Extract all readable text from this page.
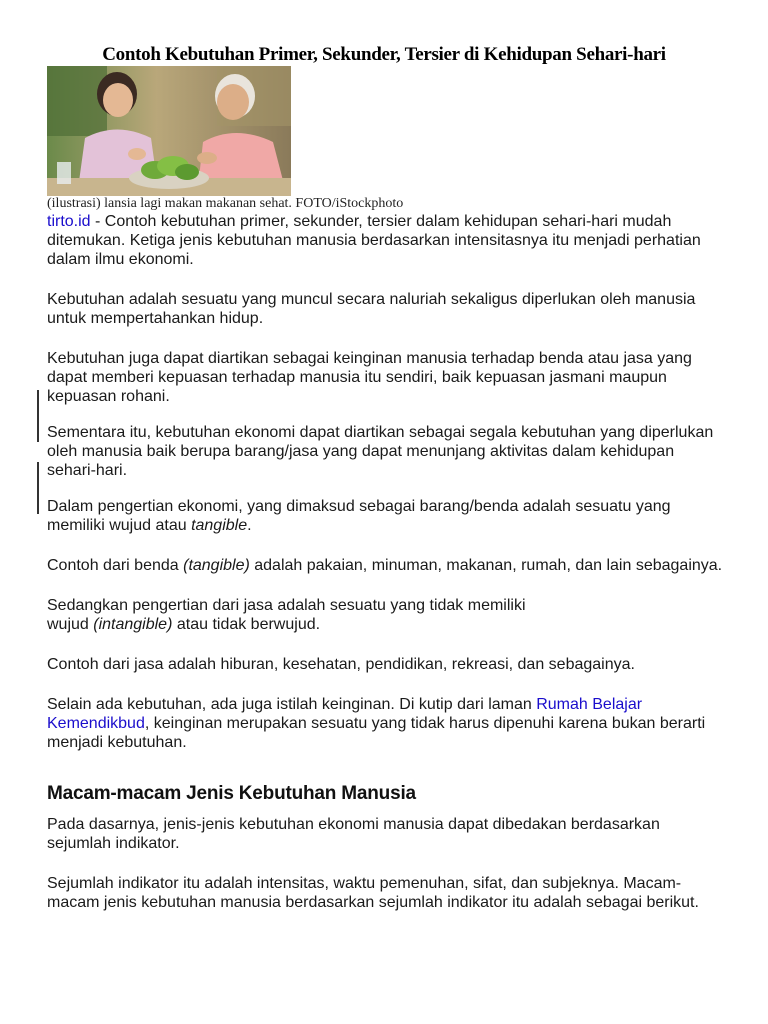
Contoh Kebutuhan Primer, Sekunder, Tersier di Kehidupan Sehari-hari

(ilustrasi) lansia lagi makan makanan sehat. FOTO/iStockphoto

tirto.id - Contoh kebutuhan primer, sekunder, tersier dalam kehidupan sehari-hari mudah ditemukan. Ketiga jenis kebutuhan manusia berdasarkan intensitasnya itu menjadi perhatian dalam ilmu ekonomi.

Kebutuhan adalah sesuatu yang muncul secara naluriah sekaligus diperlukan oleh manusia untuk mempertahankan hidup.

Kebutuhan juga dapat diartikan sebagai keinginan manusia terhadap benda atau jasa yang dapat memberi kepuasan terhadap manusia itu sendiri, baik kepuasan jasmani maupun kepuasan rohani.

Sementara itu, kebutuhan ekonomi dapat diartikan sebagai segala kebutuhan yang diperlukan oleh manusia baik berupa barang/jasa yang dapat menunjang aktivitas dalam kehidupan sehari-hari.

Dalam pengertian ekonomi, yang dimaksud sebagai barang/benda adalah sesuatu yang memiliki wujud atau tangible.

Contoh dari benda (tangible) adalah pakaian, minuman, makanan, rumah, dan lain sebagainya.

Sedangkan pengertian dari jasa adalah sesuatu yang tidak memiliki
wujud (intangible) atau tidak berwujud.

Contoh dari jasa adalah hiburan, kesehatan, pendidikan, rekreasi, dan sebagainya.

Selain ada kebutuhan, ada juga istilah keinginan. Di kutip dari laman Rumah Belajar Kemendikbud, keinginan merupakan sesuatu yang tidak harus dipenuhi karena bukan berarti menjadi kebutuhan.

Macam-macam Jenis Kebutuhan Manusia

Pada dasarnya, jenis-jenis kebutuhan ekonomi manusia dapat dibedakan berdasarkan sejumlah indikator.

Sejumlah indikator itu adalah intensitas, waktu pemenuhan, sifat, dan subjeknya. Macam-macam jenis kebutuhan manusia berdasarkan sejumlah indikator itu adalah sebagai berikut.
